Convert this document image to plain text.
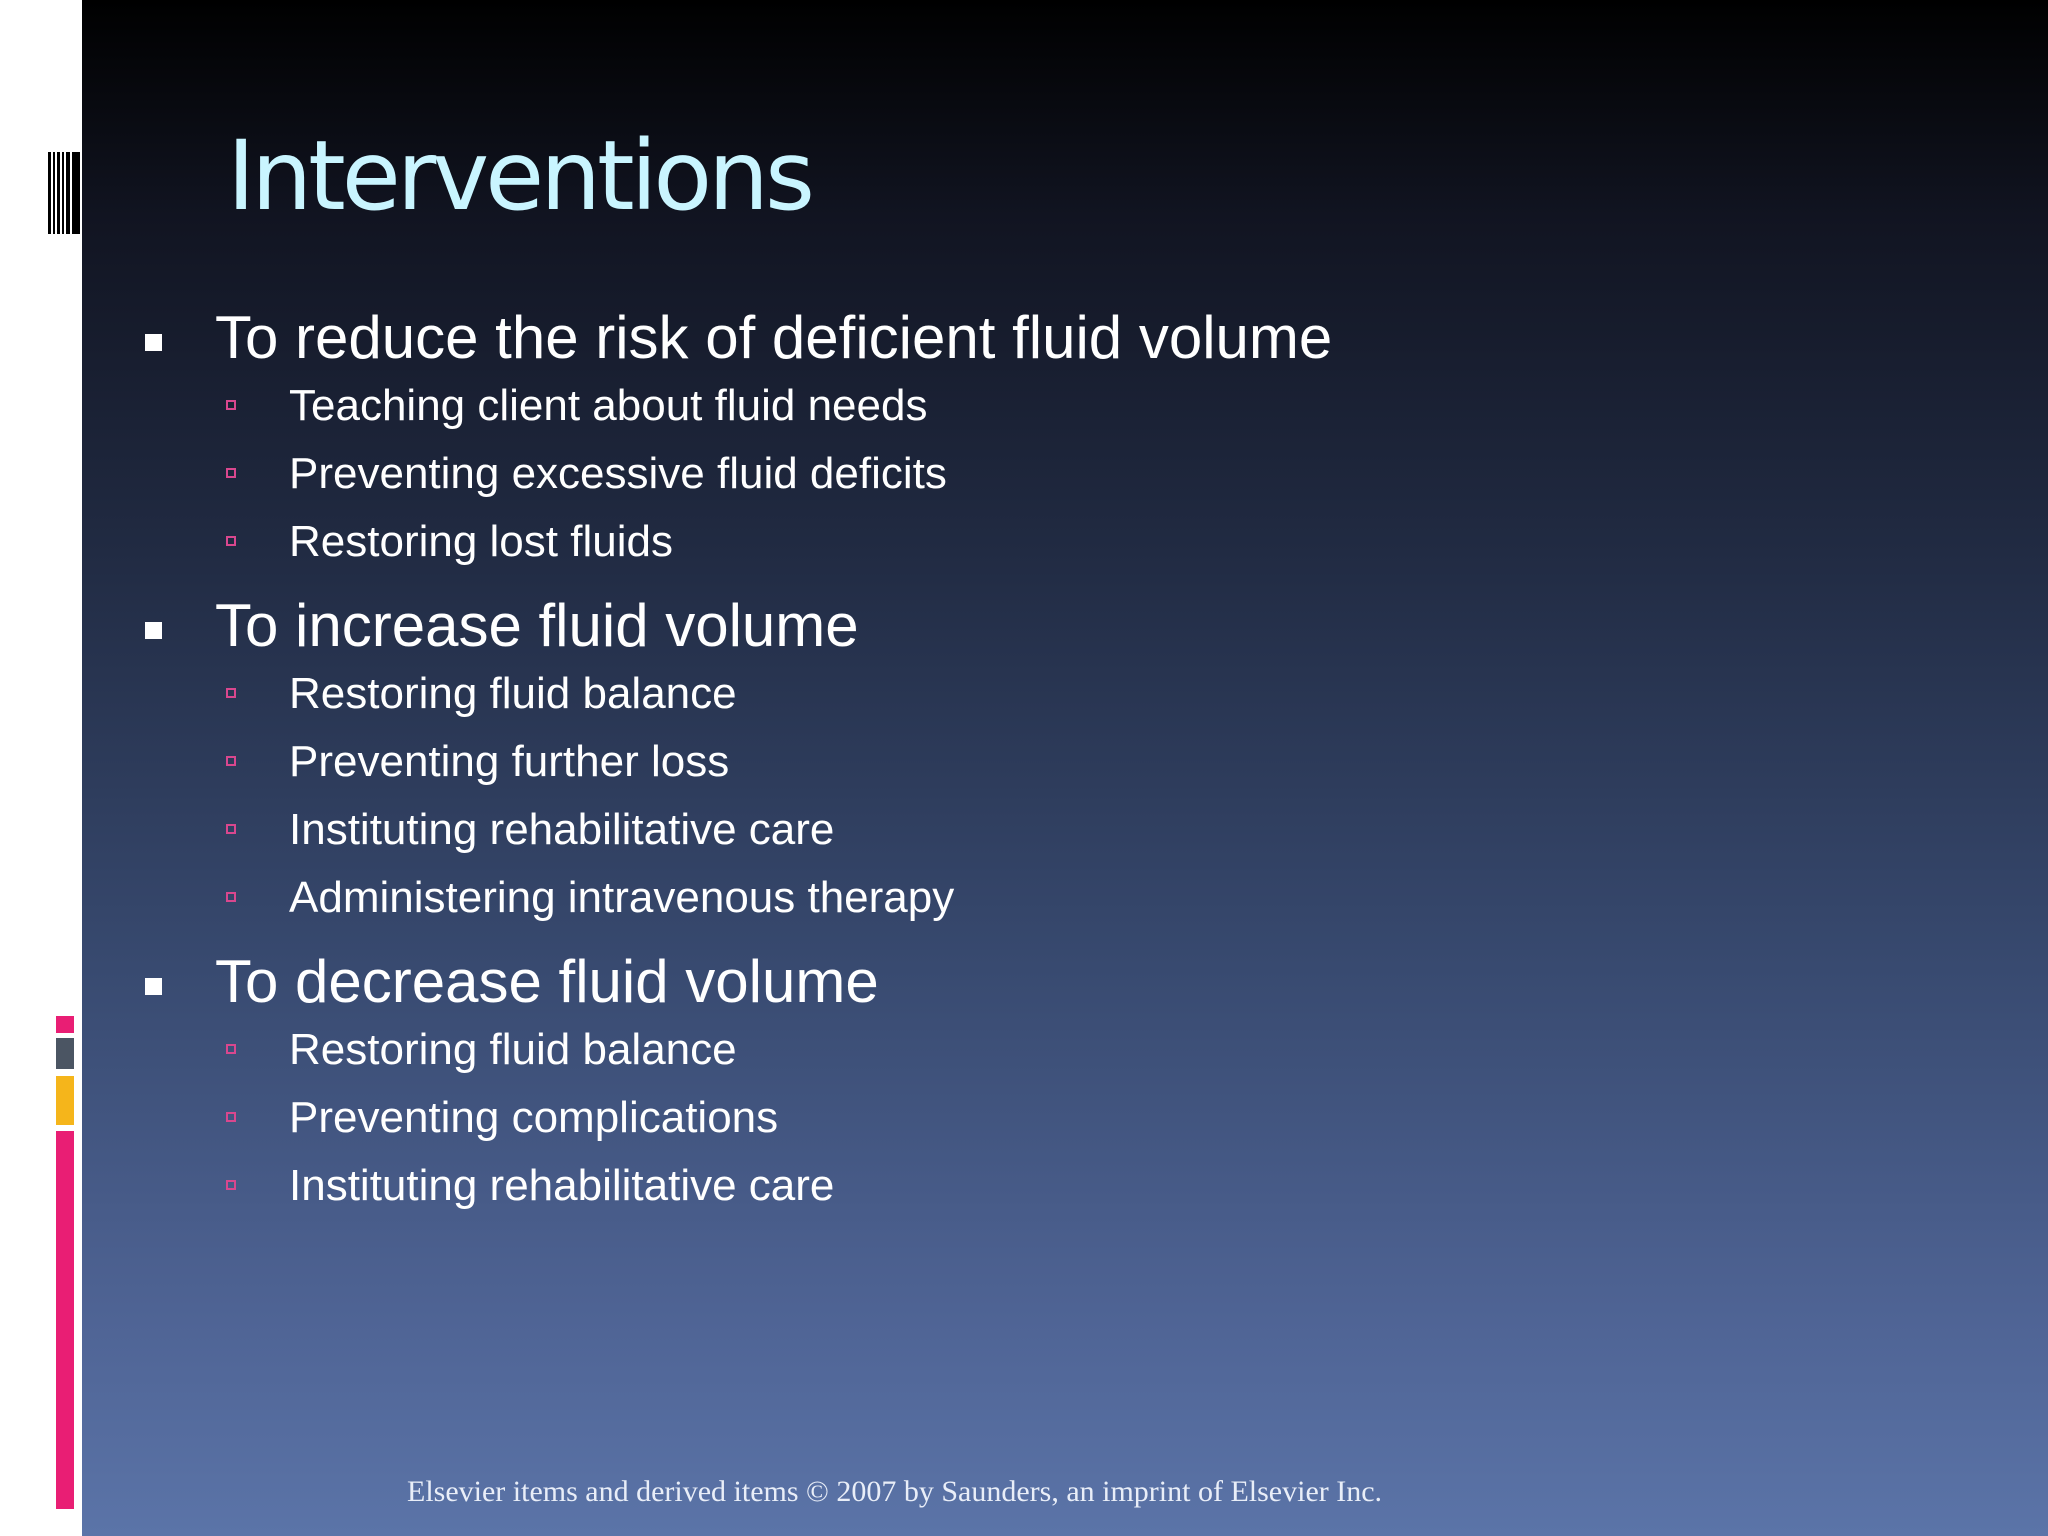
Interventions
To reduce the risk of deficient fluid volume
Teaching client about fluid needs
Preventing excessive fluid deficits
Restoring lost fluids
To increase fluid volume
Restoring fluid balance
Preventing further loss
Instituting rehabilitative care
Administering intravenous therapy
To decrease fluid volume
Restoring fluid balance
Preventing complications
Instituting rehabilitative care
Elsevier items and derived items © 2007 by Saunders, an imprint of Elsevier Inc.
